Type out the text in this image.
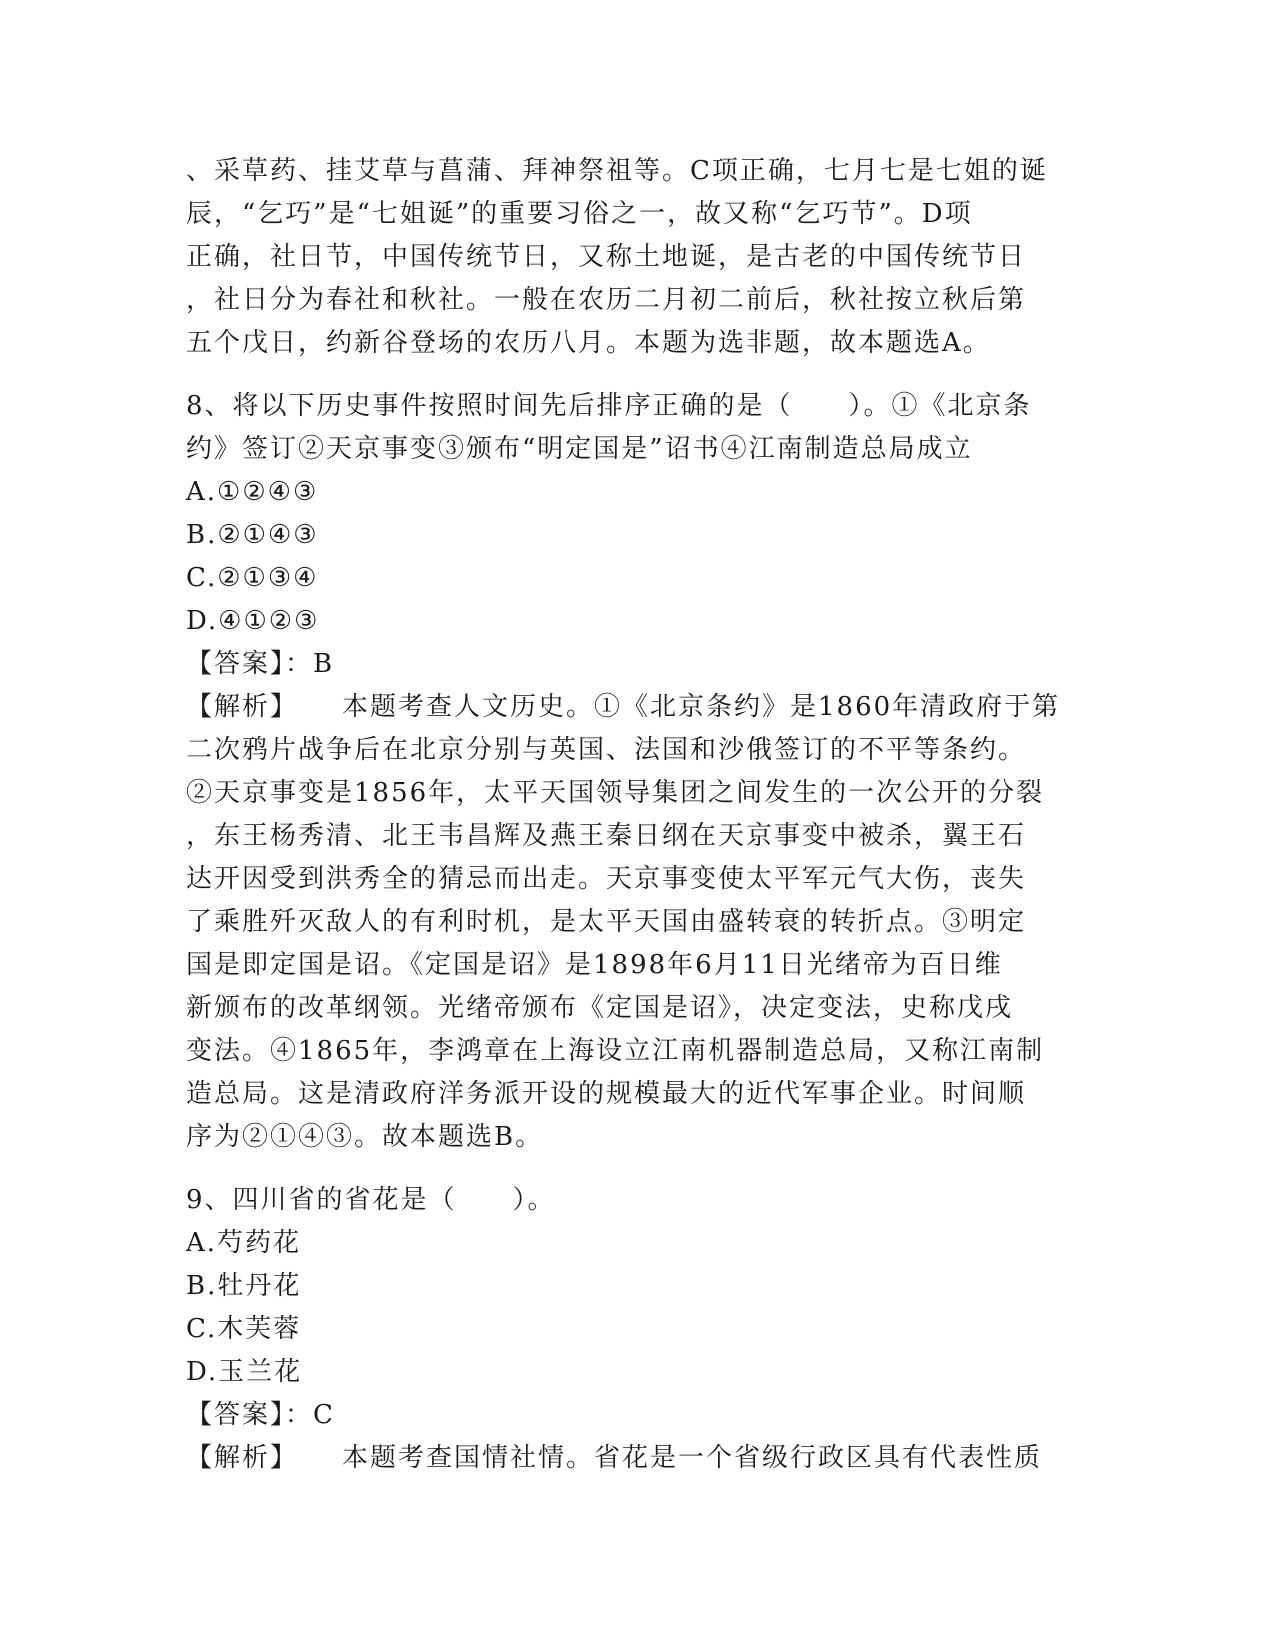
、采草药、挂艾草与菖蒲、拜神祭祖等。C项正确，七月七是七姐的诞
辰，“乞巧”是“七姐诞”的重要习俗之一，故又称“乞巧节”。D项
正确，社日节，中国传统节日，又称土地诞，是古老的中国传统节日
，社日分为春社和秋社。一般在农历二月初二前后，秋社按立秋后第
五个戊日，约新谷登场的农历八月。本题为选非题，故本题选A。
8、将以下历史事件按照时间先后排序正确的是（　　）。①《北京条
约》签订②天京事变③颁布“明定国是”诏书④江南制造总局成立
A.①②④③
B.②①④③
C.②①③④
D.④①②③
【答案】：B
【解析】 本题考查人文历史。①《北京条约》是1860年清政府于第
二次鸦片战争后在北京分别与英国、法国和沙俄签订的不平等条约。
②天京事变是1856年，太平天国领导集团之间发生的一次公开的分裂
，东王杨秀清、北王韦昌辉及燕王秦日纲在天京事变中被杀，翼王石
达开因受到洪秀全的猜忌而出走。天京事变使太平军元气大伤，丧失
了乘胜歼灭敌人的有利时机，是太平天国由盛转衰的转折点。③明定
国是即定国是诏。《定国是诏》是1898年6月11日光绪帝为百日维
新颁布的改革纲领。光绪帝颁布《定国是诏》，决定变法，史称戊戌
变法。④1865年，李鸿章在上海设立江南机器制造总局，又称江南制
造总局。这是清政府洋务派开设的规模最大的近代军事企业。时间顺
序为②①④③。故本题选B。
9、四川省的省花是（　　）。
A.芍药花
B.牡丹花
C.木芙蓉
D.玉兰花
【答案】：C
【解析】 本题考查国情社情。省花是一个省级行政区具有代表性质
